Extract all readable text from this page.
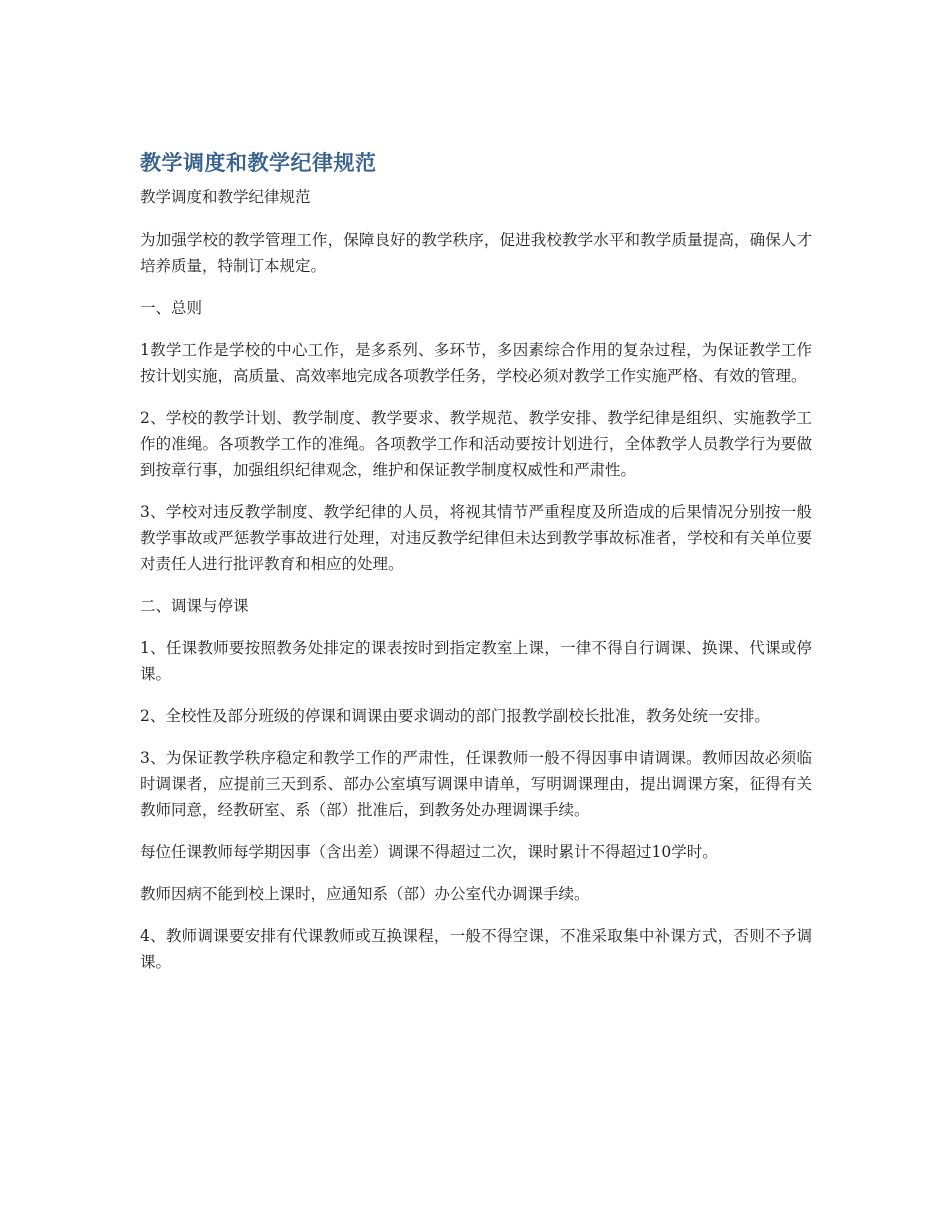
教学调度和教学纪律规范
教学调度和教学纪律规范

为加强学校的教学管理工作，保障良好的教学秩序，促进我校教学水平和教学质量提高，确保人才培养质量，特制订本规定。

一、总则

1教学工作是学校的中心工作，是多系列、多环节，多因素综合作用的复杂过程，为保证教学工作按计划实施，高质量、高效率地完成各项教学任务，学校必须对教学工作实施严格、有效的管理。

2、学校的教学计划、教学制度、教学要求、教学规范、教学安排、教学纪律是组织、实施教学工作的准绳。各项教学工作的准绳。各项教学工作和活动要按计划进行，全体教学人员教学行为要做到按章行事，加强组织纪律观念，维护和保证教学制度权威性和严肃性。

3、学校对违反教学制度、教学纪律的人员，将视其情节严重程度及所造成的后果情况分别按一般教学事故或严惩教学事故进行处理，对违反教学纪律但未达到教学事故标准者，学校和有关单位要对责任人进行批评教育和相应的处理。

二、调课与停课

1、任课教师要按照教务处排定的课表按时到指定教室上课，一律不得自行调课、换课、代课或停课。

2、全校性及部分班级的停课和调课由要求调动的部门报教学副校长批准，教务处统一安排。

3、为保证教学秩序稳定和教学工作的严肃性，任课教师一般不得因事申请调课。教师因故必须临时调课者，应提前三天到系、部办公室填写调课申请单，写明调课理由，提出调课方案，征得有关教师同意，经教研室、系（部）批准后，到教务处办理调课手续。

每位任课教师每学期因事（含出差）调课不得超过二次，课时累计不得超过10学时。

教师因病不能到校上课时，应通知系（部）办公室代办调课手续。

4、教师调课要安排有代课教师或互换课程，一般不得空课，不准采取集中补课方式，否则不予调课。
